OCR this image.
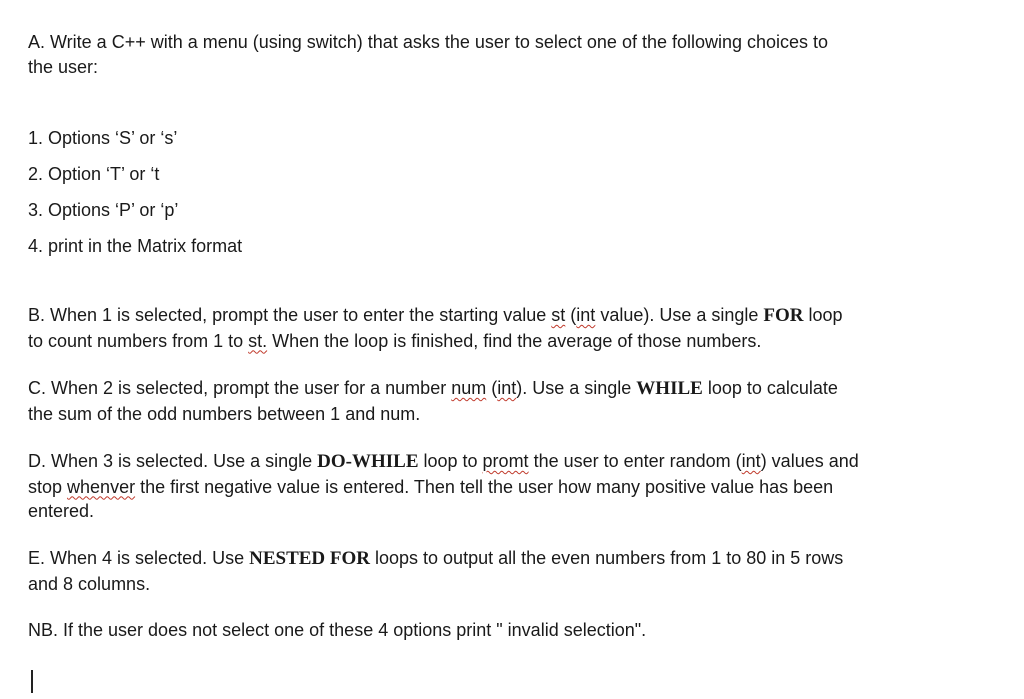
A. Write a C++ with a menu (using switch) that asks the user to select one of the following choices to
the user:

1. Options ‘S’ or ‘s’
2. Option ‘T’ or ‘t
3. Options ‘P’ or ‘p’
4. print in the Matrix format

B. When 1 is selected, prompt the user to enter the starting value st (int value). Use a single FOR loop
to count numbers from 1 to st. When the loop is finished, find the average of those numbers.

C. When 2 is selected, prompt the user for a number num (int). Use a single WHILE loop to calculate
the sum of the odd numbers between 1 and num.

D. When 3 is selected. Use a single DO-WHILE loop to promt the user to enter random (int) values and
stop whenver the first negative value is entered. Then tell the user how many positive value has been
entered.

E. When 4 is selected. Use NESTED FOR loops to output all the even numbers from 1 to 80 in 5 rows
and 8 columns.

NB. If the user does not select one of these 4 options print " invalid selection".
